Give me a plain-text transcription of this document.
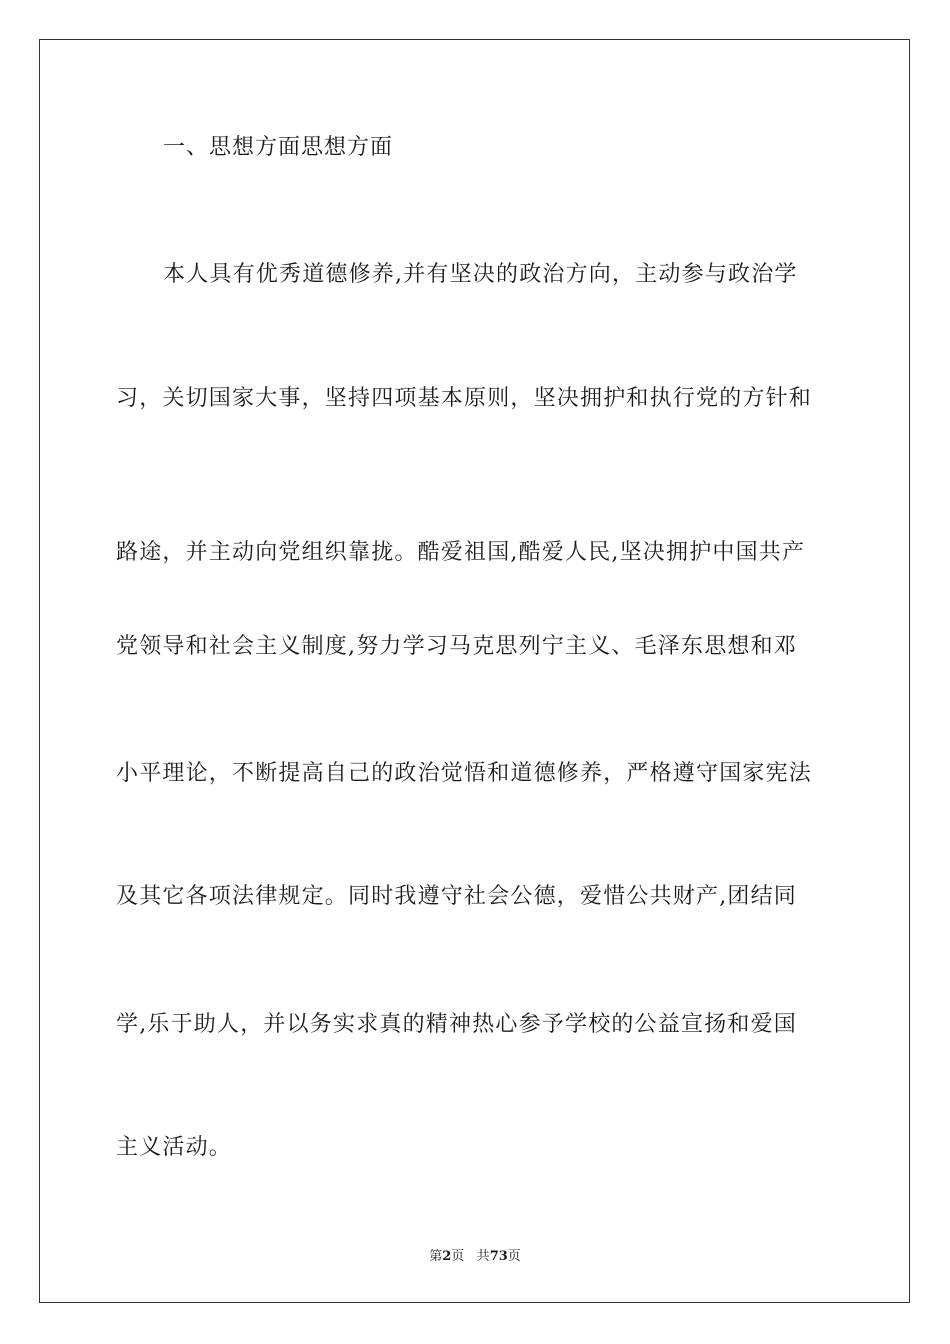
一、思想方面思想方面
本人具有优秀道德修养,并有坚决的政治方向，主动参与政治学
习，关切国家大事，坚持四项基本原则，坚决拥护和执行党的方针和
路途，并主动向党组织靠拢。酷爱祖国,酷爱人民,坚决拥护中国共产
党领导和社会主义制度,努力学习马克思列宁主义、毛泽东思想和邓
小平理论，不断提高自己的政治觉悟和道德修养，严格遵守国家宪法
及其它各项法律规定。同时我遵守社会公德，爱惜公共财产,团结同
学,乐于助人，并以务实求真的精神热心参予学校的公益宣扬和爱国
主义活动。
第2页 共73页
